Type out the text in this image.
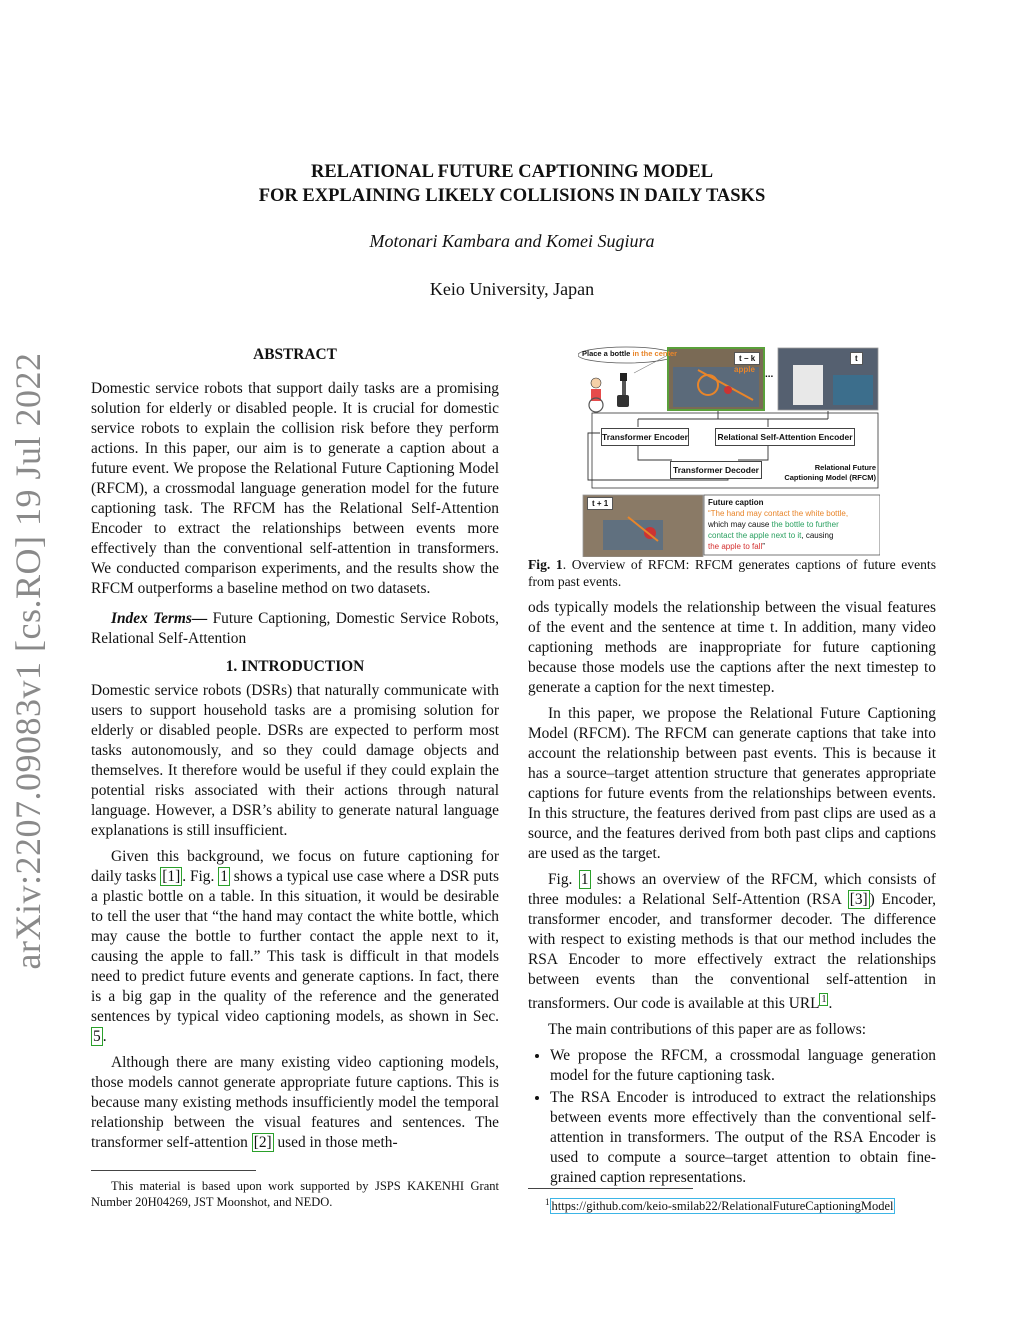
arXiv:2207.09083v1 [cs.RO] 19 Jul 2022
RELATIONAL FUTURE CAPTIONING MODEL
FOR EXPLAINING LIKELY COLLISIONS IN DAILY TASKS
Motonari Kambara and Komei Sugiura
Keio University, Japan
ABSTRACT

Domestic service robots that support daily tasks are a promising solution for elderly or disabled people. It is crucial for domestic service robots to explain the collision risk before they perform actions. In this paper, our aim is to generate a caption about a future event. We propose the Relational Future Captioning Model (RFCM), a crossmodal language generation model for the future captioning task. The RFCM has the Relational Self-Attention Encoder to extract the relationships between events more effectively than the conventional self-attention in transformers. We conducted comparison experiments, and the results show the RFCM outperforms a baseline method on two datasets.

Index Terms— Future Captioning, Domestic Service Robots, Relational Self-Attention

1. INTRODUCTION

Domestic service robots (DSRs) that naturally communicate with users to support household tasks are a promising solution for elderly or disabled people. DSRs are expected to perform most tasks autonomously, and so they could damage objects and themselves. It therefore would be useful if they could explain the potential risks associated with their actions through natural language. However, a DSR’s ability to generate natural language explanations is still insufficient.

Given this background, we focus on future captioning for daily tasks [1] . Fig. 1 shows a typical use case where a DSR puts a plastic bottle on a table. In this situation, it would be desirable to tell the user that “the hand may contact the white bottle, which may cause the bottle to further contact the apple next to it, causing the apple to fall.” This task is difficult in that models need to predict future events and generate captions. In fact, there is a big gap in the quality of the reference and the generated sentences by typical video captioning models, as shown in Sec. 5 .

Although there are many existing video captioning models, those models cannot generate appropriate future captions. This is because many existing methods insufficiently model the temporal relationship between the visual features and sentences. The transformer self-attention [2] used in those meth-

This material is based upon work supported by JSPS KAKENHI Grant Number 20H04269, JST Moonshot, and NEDO.
Place a bottle in the center
t − k	t
apple ...
Transformer Encoder	Relational Self-Attention Encoder
Transformer Decoder	Relational Future
Captioning Model (RFCM)
t + 1	Future caption
“The hand may contact the white bottle,
which may cause the bottle to further
contact the apple next to it, causing
the apple to fall”
Fig. 1. Overview of RFCM: RFCM generates captions of future events from past events.

ods typically models the relationship between the visual features of the event and the sentence at time t. In addition, many video captioning methods are inappropriate for future captioning because those models use the captions after the next timestep to generate a caption for the next timestep.

In this paper, we propose the Relational Future Captioning Model (RFCM). The RFCM can generate captions that take into account the relationship between past events. This is because it has a source–target attention structure that generates appropriate captions for future events from the relationships between events. In this structure, the features derived from past clips are used as a source, and the features derived from both past clips and captions are used as the target.

Fig. 1 shows an overview of the RFCM, which consists of three modules: a Relational Self-Attention (RSA [3] ) Encoder, transformer encoder, and transformer decoder. The difference with respect to existing methods is that our method includes the RSA Encoder to more effectively extract the relationships between events than the conventional self-attention in transformers. Our code is available at this URL $^1$ .

The main contributions of this paper are as follows:

• We propose the RFCM, a crossmodal language generation model for the future captioning task.
• The RSA Encoder is introduced to extract the relationships between events more effectively than the conventional self-attention in transformers. The output of the RSA Encoder is used to compute a source–target attention to obtain fine-grained caption representations.
$^1$ https://github.com/keio-smilab22/RelationalFutureCaptioningModel
